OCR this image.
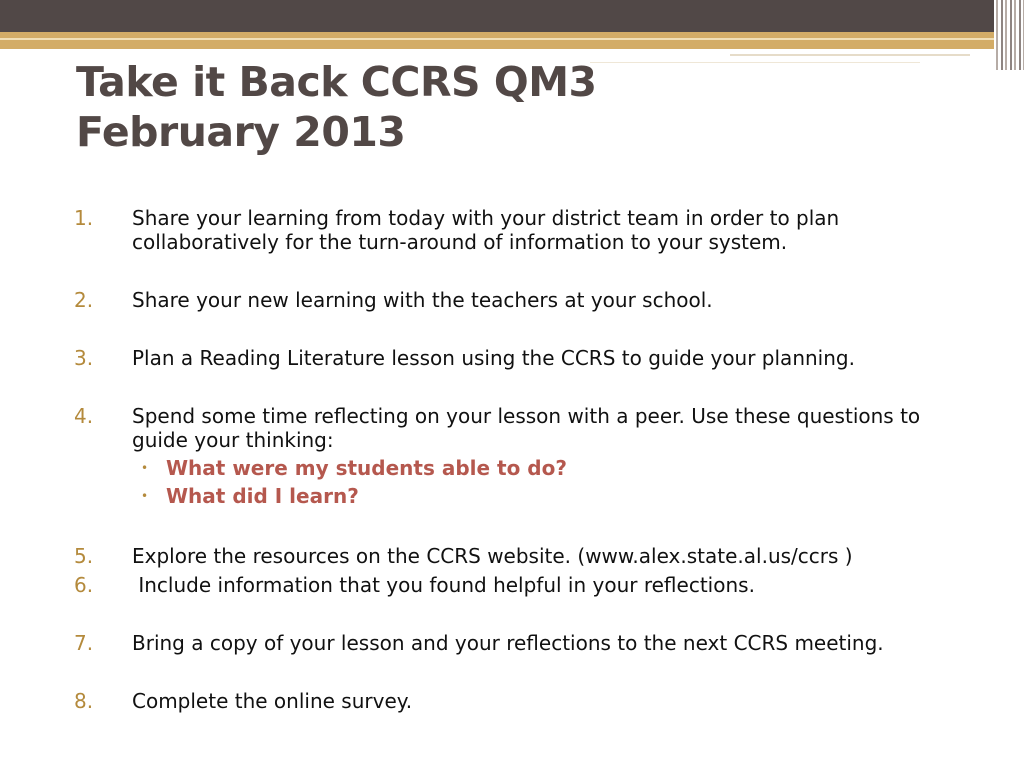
Take it Back CCRS QM3
February 2013
1. Share your learning from today with your district team in order to plan collaboratively for the turn-around of information to your system.
2. Share your new learning with the teachers at your school.
3. Plan a Reading Literature lesson using the CCRS to guide your planning.
4. Spend some time reflecting on your lesson with a peer. Use these questions to guide your thinking:
• What were my students able to do?
• What did I learn?
5. Explore the resources on the CCRS website. (www.alex.state.al.us/ccrs )
6. Include information that you found helpful in your reflections.
7. Bring a copy of your lesson and your reflections to the next CCRS meeting.
8. Complete the online survey.
